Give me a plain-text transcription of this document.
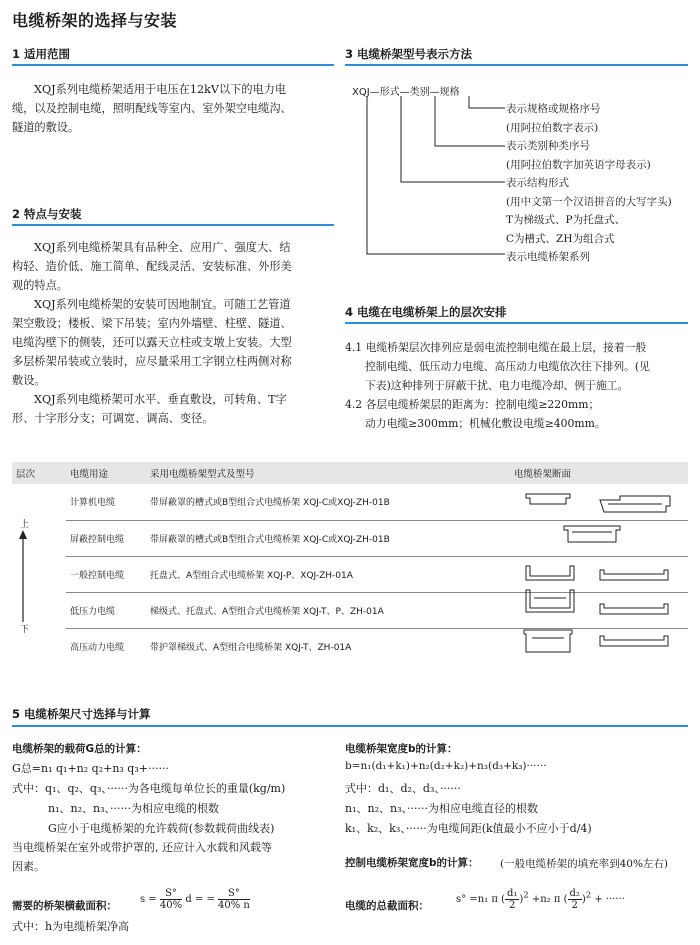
电缆桥架的选择与安装
1 适用范围
XQJ系列电缆桥架适用于电压在12kV以下的电力电
缆，以及控制电缆，照明配线等室内、室外架空电缆沟、
隧道的敷设。
2 特点与安装
XQJ系列电缆桥架具有品种全、应用广、强度大、结
构轻、造价低、施工简单、配线灵活、安装标准、外形美
观的特点。
XQJ系列电缆桥架的安装可因地制宜。可随工艺管道
架空敷设；楼板、梁下吊装；室内外墙壁、柱壁、隧道、
电缆沟壁下的侧装，还可以露天立柱或支墩上安装。大型
多层桥架吊装或立装时，应尽量采用工字钢立柱两侧对称
敷设。
XQJ系列电缆桥架可水平、垂直敷设，可转角、T字
形、十字形分支；可调宽、调高、变径。
3 电缆桥架型号表示方法
XQJ—形式—类别—规格
表示规格或规格序号
(用阿拉伯数字表示)
表示类别种类序号
(用阿拉伯数字加英语字母表示)
表示结构形式
(用中文第一个汉语拼音的大写字头)
T为梯级式、P为托盘式、
C为槽式、ZH为组合式
表示电缆桥架系列
4 电缆在电缆桥架上的层次安排
4.1 电缆桥架层次排列应是弱电流控制电缆在最上层，接着一般
控制电缆、低压动力电缆、高压动力电缆依次往下排列。(见
下表)这种排列于屏蔽干扰、电力电缆冷却、例于施工。
4.2 各层电缆桥架层的距离为：控制电缆≥220mm；
动力电缆≥300mm；机械化敷设电缆≥400mm。
层次	电缆用途	采用电缆桥架型式及型号	电缆桥架断面
	计算机电缆	带屏蔽罩的槽式或B型组合式电缆桥架 XQJ-C或XQJ-ZH-01B	
	屏蔽控制电缆	带屏蔽罩的槽式或B型组合式电缆桥架 XQJ-C或XQJ-ZH-01B	
	一般控制电缆	托盘式、A型组合式电缆桥架 XQJ-P、XQJ-ZH-01A	
	低压力电缆	梯级式、托盘式、A型组合式电缆桥架 XQJ-T、P、ZH-01A	
	高压动力电缆	带护罩梯级式、A型组合电缆桥架 XQJ-T、ZH-01A	
上
下
5 电缆桥架尺寸选择与计算
电缆桥架的载荷G总的计算：
G总=n₁ q₁+n₂ q₂+n₃ q₃+······
式中：q₁、q₂、q₃、······为各电缆每单位长的重量(kg/m)
n₁、n₂、n₃、······为相应电缆的根数
G应小于电缆桥架的允许载荷(参数载荷曲线表)
当电缆桥架在室外或带护罩的, 还应计入水载和风载等
因素。
需要的桥架横截面积：
$s = \frac{S^\circ}{40\%}$ d = = $\frac{S^\circ}{40\% n}$
式中：h为电缆桥架净高
电缆桥架宽度b的计算：
b=n₁(d₁+k₁)+n₂(d₂+k₂)+n₃(d₃+k₃)······
式中：d₁、d₂、d₃、······
n₁、n₂、n₃、······为相应电缆直径的根数
k₁、k₂、k₃、······为电缆间距(k值最小不应小于d/4)
控制电缆桥架宽度b的计算： (一般电缆桥架的填充率到40%左右)
电缆的总截面积：
s° =n₁ π ( $\frac{\text{d₁}}{2} )^2 +n_2$ π ( $\frac{\text{d₂}}{2} )^2$ + ······
